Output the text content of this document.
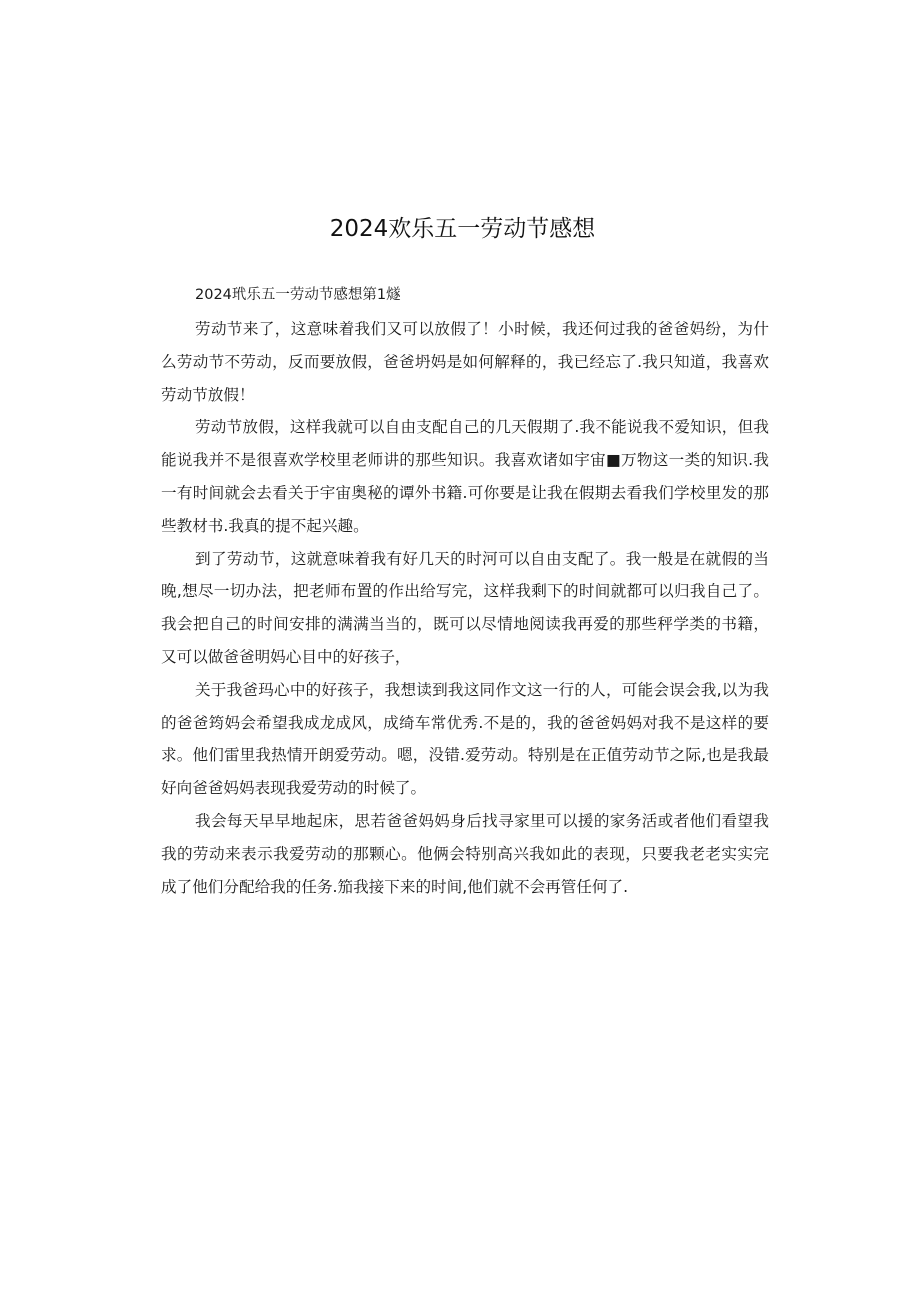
2024欢乐五一劳动节感想

2024玳乐五一劳动节感想第1燧

劳动节来了，这意味着我们又可以放假了！小时候，我还何过我的爸爸妈纷，为什么劳动节不劳动，反而要放假，爸爸坍妈是如何解释的，我已经忘了.我只知道，我喜欢劳动节放假！

劳动节放假，这样我就可以自由支配自己的几天假期了.我不能说我不爱知识，但我能说我并不是很喜欢学校里老师讲的那些知识。我喜欢诸如宇宙■万物这一类的知识.我一有时间就会去看关于宇宙奥秘的谭外书籍.可你要是让我在假期去看我们学校里发的那些教材书.我真的提不起兴趣。

到了劳动节，这就意味着我有好几天的时河可以自由支配了。我一般是在就假的当晚,想尽一切办法，把老师布置的作出给写完，这样我剩下的时间就都可以归我自己了。我会把自己的时间安排的满满当当的，既可以尽情地阅读我再爱的那些秤学类的书籍，又可以做爸爸明妈心目中的好孩子，

关于我爸玛心中的好孩子，我想读到我这同作文这一行的人，可能会误会我,以为我的爸爸筠妈会希望我成龙成风，成绮车常优秀.不是的，我的爸爸妈妈对我不是这样的要求。他们雷里我热情开朗爱劳动。嗯，没错.爱劳动。特别是在正值劳动节之际,也是我最好向爸爸妈妈表现我爱劳动的时候了。

我会每天早早地起床，思若爸爸妈妈身后找寻家里可以援的家务活或者他们看望我我的劳动来表示我爱劳动的那颗心。他俩会特别高兴我如此的表现，只要我老老实实完成了他们分配给我的任务.笳我接下来的时间,他们就不会再管任何了.
